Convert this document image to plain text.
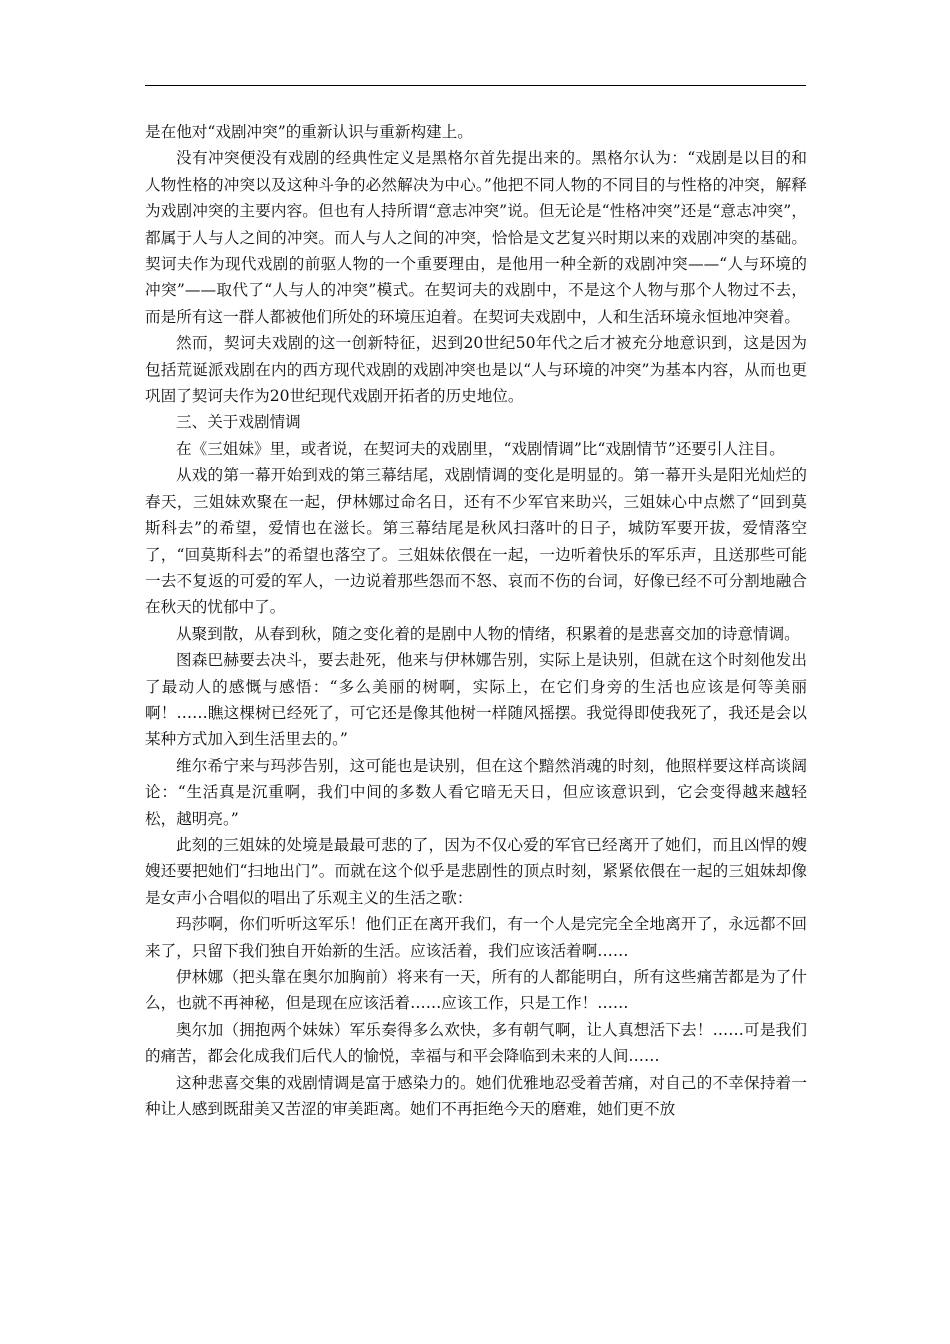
是在他对“戏剧冲突”的重新认识与重新构建上。

没有冲突便没有戏剧的经典性定义是黑格尔首先提出来的。黑格尔认为：“戏剧是以目的和人物性格的冲突以及这种斗争的必然解决为中心。”他把不同人物的不同目的与性格的冲突，解释为戏剧冲突的主要内容。但也有人持所谓“意志冲突”说。但无论是“性格冲突”还是“意志冲突”，都属于人与人之间的冲突。而人与人之间的冲突，恰恰是文艺复兴时期以来的戏剧冲突的基础。契诃夫作为现代戏剧的前驱人物的一个重要理由，是他用一种全新的戏剧冲突——“人与环境的冲突”——取代了“人与人的冲突”模式。在契诃夫的戏剧中，不是这个人物与那个人物过不去，而是所有这一群人都被他们所处的环境压迫着。在契诃夫戏剧中，人和生活环境永恒地冲突着。

然而，契诃夫戏剧的这一创新特征，迟到20世纪50年代之后才被充分地意识到，这是因为包括荒诞派戏剧在内的西方现代戏剧的戏剧冲突也是以“人与环境的冲突”为基本内容，从而也更巩固了契诃夫作为20世纪现代戏剧开拓者的历史地位。

三、关于戏剧情调

在《三姐妹》里，或者说，在契诃夫的戏剧里，“戏剧情调”比“戏剧情节”还要引人注目。

从戏的第一幕开始到戏的第三幕结尾，戏剧情调的变化是明显的。第一幕开头是阳光灿烂的春天，三姐妹欢聚在一起，伊林娜过命名日，还有不少军官来助兴，三姐妹心中点燃了“回到莫斯科去”的希望，爱情也在滋长。第三幕结尾是秋风扫落叶的日子，城防军要开拔，爱情落空了，“回莫斯科去”的希望也落空了。三姐妹依偎在一起，一边听着快乐的军乐声，且送那些可能一去不复返的可爱的军人，一边说着那些怨而不怒、哀而不伤的台词，好像已经不可分割地融合在秋天的忧郁中了。

从聚到散，从春到秋，随之变化着的是剧中人物的情绪，积累着的是悲喜交加的诗意情调。

图森巴赫要去决斗，要去赴死，他来与伊林娜告别，实际上是诀别，但就在这个时刻他发出了最动人的感慨与感悟：“多么美丽的树啊，实际上，在它们身旁的生活也应该是何等美丽啊！……瞧这棵树已经死了，可它还是像其他树一样随风摇摆。我觉得即使我死了，我还是会以某种方式加入到生活里去的。”

维尔希宁来与玛莎告别，这可能也是诀别，但在这个黯然消魂的时刻，他照样要这样高谈阔论：“生活真是沉重啊，我们中间的多数人看它暗无天日，但应该意识到，它会变得越来越轻松，越明亮。”

此刻的三姐妹的处境是最最可悲的了，因为不仅心爱的军官已经离开了她们，而且凶悍的嫂嫂还要把她们“扫地出门”。而就在这个似乎是悲剧性的顶点时刻，紧紧依偎在一起的三姐妹却像是女声小合唱似的唱出了乐观主义的生活之歌：

玛莎啊，你们听听这军乐！他们正在离开我们，有一个人是完完全全地离开了，永远都不回来了，只留下我们独自开始新的生活。应该活着，我们应该活着啊……

伊林娜（把头靠在奥尔加胸前）将来有一天，所有的人都能明白，所有这些痛苦都是为了什么，也就不再神秘，但是现在应该活着……应该工作，只是工作！……

奥尔加（拥抱两个妹妹）军乐奏得多么欢快，多有朝气啊，让人真想活下去！……可是我们的痛苦，都会化成我们后代人的愉悦，幸福与和平会降临到未来的人间……

这种悲喜交集的戏剧情调是富于感染力的。她们优雅地忍受着苦痛，对自己的不幸保持着一种让人感到既甜美又苦涩的审美距离。她们不再拒绝今天的磨难，她们更不放
